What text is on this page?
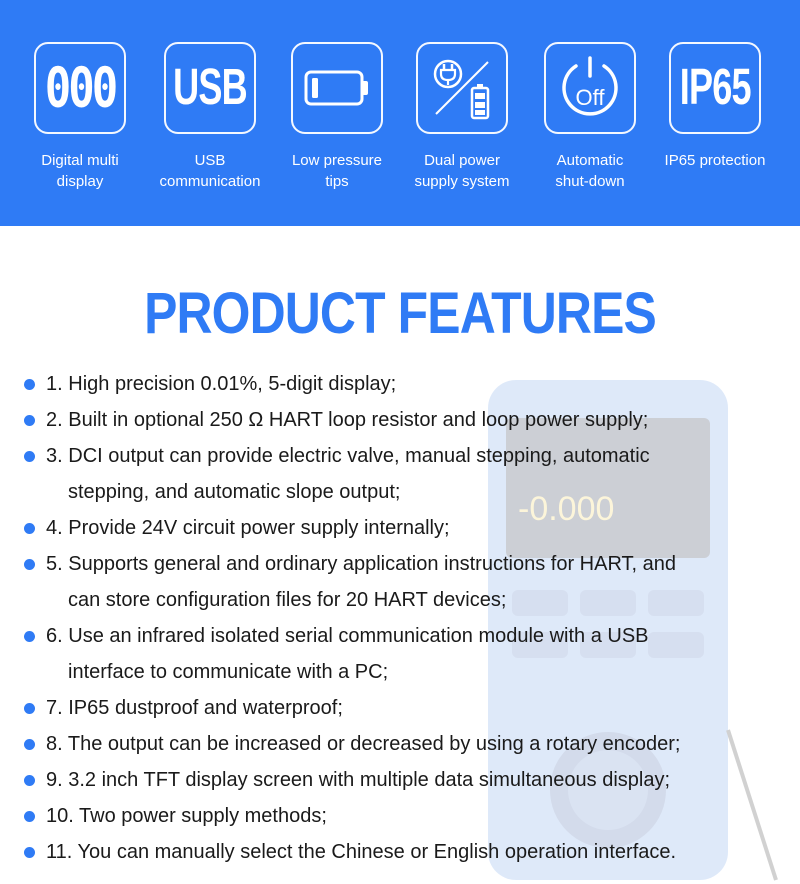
000
Digital multi
display
USB
USB
communication
Low pressure
tips
Dual power
supply system
Off
Automatic
shut-down
IP65
IP65 protection

-0.000
PRODUCT FEATURES
1. High precision 0.01%, 5-digit display;
2. Built in optional 250 Ω HART loop resistor and loop power supply;
3. DCI output can provide electric valve, manual stepping, automatic
stepping, and automatic slope output;
4. Provide 24V circuit power supply internally;
5. Supports general and ordinary application instructions for HART, and
can store configuration files for 20 HART devices;
6. Use an infrared isolated serial communication module with a USB
interface to communicate with a PC;
7. IP65 dustproof and waterproof;
8. The output can be increased or decreased by using a rotary encoder;
9. 3.2 inch TFT display screen with multiple data simultaneous display;
10. Two power supply methods;
11. You can manually select the Chinese or English operation interface.
